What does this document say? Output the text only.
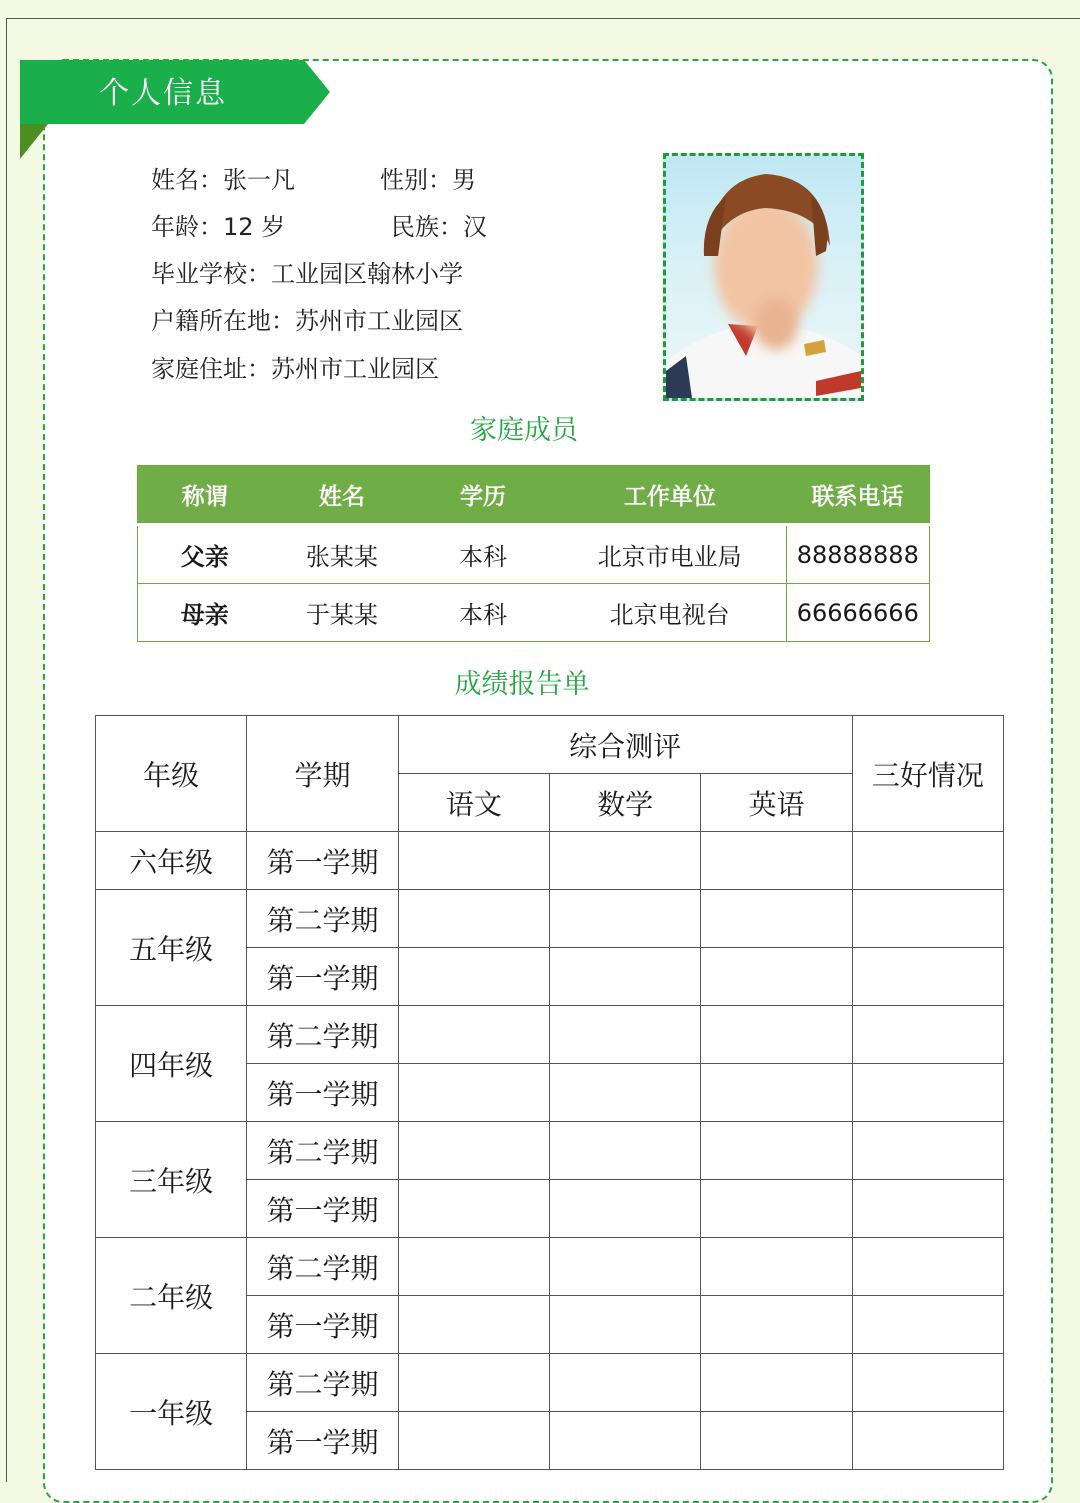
个人信息
姓名：张一凡	性别：男
年龄：12 岁	民族：汉
毕业学校：工业园区翰林小学
户籍所在地：苏州市工业园区
家庭住址：苏州市工业园区
家庭成员
称谓	姓名	学历	工作单位	联系电话
父亲	张某某	本科	北京市电业局	88888888
母亲	于某某	本科	北京电视台	66666666
成绩报告单
年级	学期	综合测评			三好情况
		语文	数学	英语	
六年级	第一学期				
五年级	第二学期				
	第一学期				
四年级	第二学期				
	第一学期				
三年级	第二学期				
	第一学期				
二年级	第二学期				
	第一学期				
一年级	第二学期				
	第一学期				
